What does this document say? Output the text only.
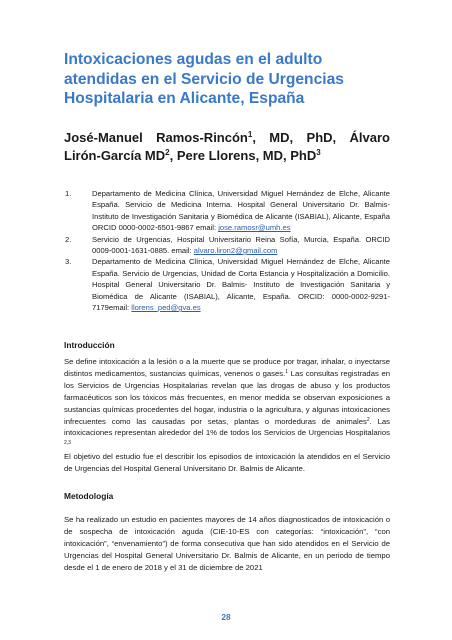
Intoxicaciones agudas en el adulto atendidas en el Servicio de Urgencias Hospitalaria en Alicante, España
José-Manuel Ramos-Rincón$^1$, MD, PhD, Álvaro Lirón-García $MD^2$, Pere Llorens, MD, PhD$^3$
1.	Departamento de Medicina Clínica, Universidad Miguel Hernández de Elche, Alicante España. Servicio de Medicina Interna. Hospital General Universitario Dr. Balmis- Instituto de Investigación Sanitaria y Biomédica de Alicante (ISABIAL), Alicante, España ORCID 0000-0002-6501-9867 email: jose.ramosr@umh.es
2.	Servicio de Urgencias, Hospital Universitario Reina Sofía, Murcia, España. ORCID 0009-0001-1631-0885. email: alvaro.liron2@gmail.com
3.	Departamento de Medicina Clínica, Universidad Miguel Hernández de Elche, Alicante España. Servicio de Urgencias, Unidad de Corta Estancia y Hospitalización a Domicilio. Hospital General Universitario Dr. Balmis- Instituto de Investigación Sanitaria y Biomédica de Alicante (ISABIAL), Alicante, España. ORCID: 0000-0002-9291-7179email: llorens_ped@gva.es
Introducción

Se define intoxicación a la lesión o a la muerte que se produce por tragar, inhalar, o inyectarse distintos medicamentos, sustancias químicas, venenos o gases.$^1$ Las consultas registradas en los Servicios de Urgencias Hospitalarias revelan que las drogas de abuso y los productos farmacéuticos son los tóxicos más frecuentes, en menor medida se observan exposiciones a sustancias químicas procedentes del hogar, industria o la agricultura, y algunas intoxicaciones infrecuentes como las causadas por setas, plantas o mordeduras de animales$^2$. Las intoxicaciones representan alrededor del 1% de todos los Servicios de Urgencias Hospitalarios $^{2,3}$

El objetivo del estudio fue el describir los episodios de intoxicación la atendidos en el Servicio de Urgencias del Hospital General Universitario Dr. Balmis de Alicante.

Metodología

Se ha realizado un estudio en pacientes mayores de 14 años diagnosticados de intoxicación o de sospecha de intoxicación aguda (CIE-10-ES con categorías: “intoxicación”, “con intoxicación”, “envenamiento”) de forma consecutiva que han sido atendidos en el Servicio de Urgencias del Hospital General Universitario Dr. Balmis de Alicante, en un periodo de tiempo desde el 1 de enero de 2018 y el 31 de diciembre de 2021

28
